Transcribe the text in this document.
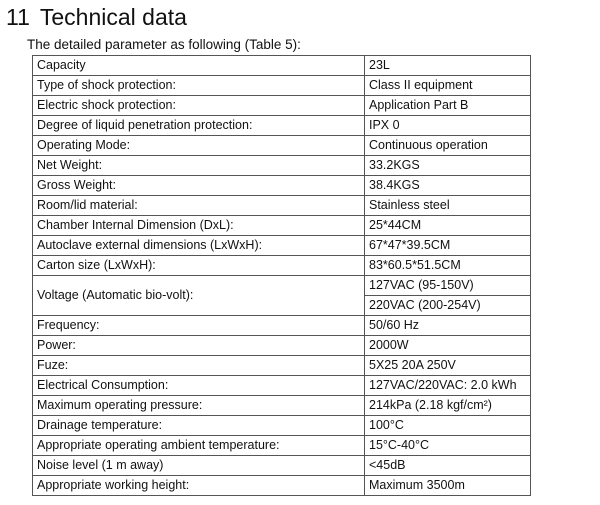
11 Technical data
The detailed parameter as following (Table 5):
Capacity	23L
Type of shock protection:	Class II equipment
Electric shock protection:	Application Part B
Degree of liquid penetration protection:	IPX 0
Operating Mode:	Continuous operation
Net Weight:	33.2KGS
Gross Weight:	38.4KGS
Room/lid material:	Stainless steel
Chamber Internal Dimension (DxL):	25*44CM
Autoclave external dimensions (LxWxH):	67*47*39.5CM
Carton size (LxWxH):	83*60.5*51.5CM
Voltage (Automatic bio-volt):	127VAC (95-150V)
	220VAC (200-254V)
Frequency:	50/60 Hz
Power:	2000W
Fuze:	5X25 20A 250V
Electrical Consumption:	127VAC/220VAC: 2.0 kWh
Maximum operating pressure:	214kPa (2.18 kgf/cm²)
Drainage temperature:	100°C
Appropriate operating ambient temperature:	15°C-40°C
Noise level (1 m away)	<45dB
Appropriate working height:	Maximum 3500m
